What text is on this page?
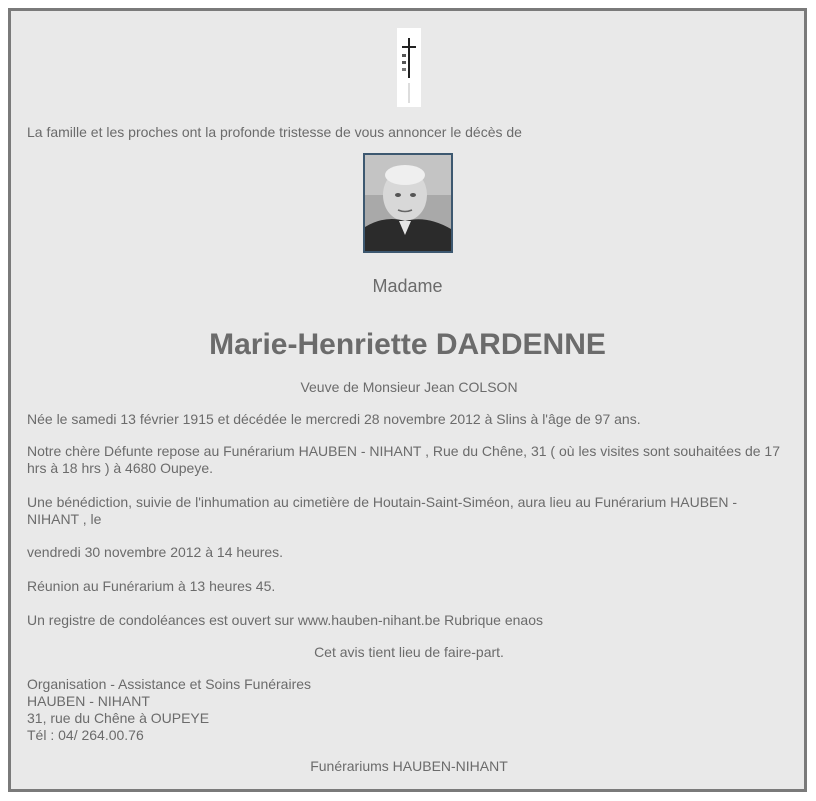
La famille et les proches ont la profonde tristesse de vous annoncer le décès de

Madame
Marie-Henriette DARDENNE

Veuve de Monsieur Jean COLSON

Née le samedi 13 février 1915 et décédée le mercredi 28 novembre 2012 à Slins à l'âge de 97 ans.

Notre chère Défunte repose au Funérarium HAUBEN - NIHANT , Rue du Chêne, 31 ( où les visites sont souhaitées de 17 hrs à 18 hrs ) à 4680 Oupeye.

Une bénédiction, suivie de l'inhumation au cimetière de Houtain-Saint-Siméon, aura lieu au Funérarium HAUBEN - NIHANT , le

vendredi 30 novembre 2012 à 14 heures.

Réunion au Funérarium à 13 heures 45.

Un registre de condoléances est ouvert sur www.hauben-nihant.be Rubrique enaos

Cet avis tient lieu de faire-part.

Organisation - Assistance et Soins Funéraires

HAUBEN - NIHANT

31, rue du Chêne à OUPEYE

Tél : 04/ 264.00.76

Funérariums HAUBEN-NIHANT
